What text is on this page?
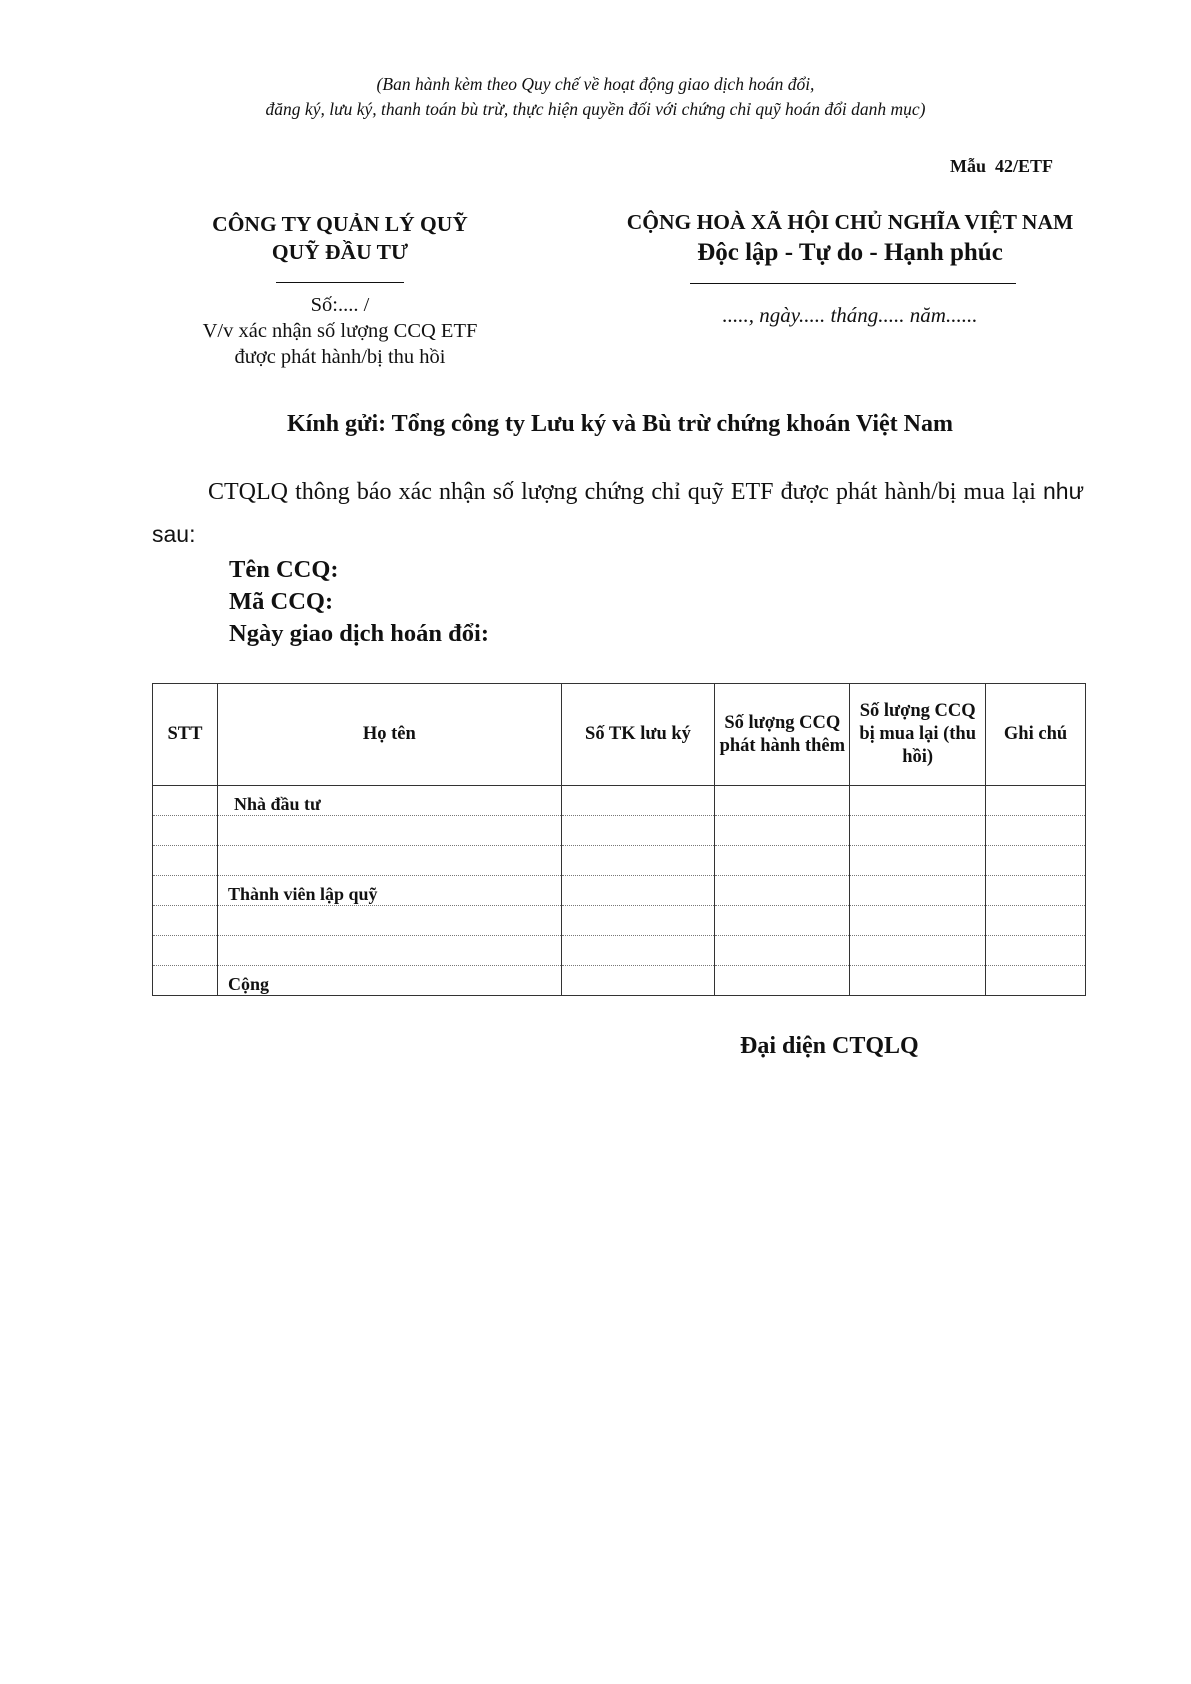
(Ban hành kèm theo Quy chế về hoạt động giao dịch hoán đổi,
đăng ký, lưu ký, thanh toán bù trừ, thực hiện quyền đối với chứng chỉ quỹ hoán đổi danh mục)
Mẫu  42/ETF
CÔNG TY QUẢN LÝ QUỸ
QUỸ ĐẦU TƯ
Số:.... /
V/v xác nhận số lượng CCQ ETF
được phát hành/bị thu hồi
CỘNG HOÀ XÃ HỘI CHỦ NGHĨA VIỆT NAM
Độc lập - Tự do - Hạnh phúc
....., ngày..... tháng..... năm......
Kính gửi: Tổng công ty Lưu ký và Bù trừ chứng khoán Việt Nam
CTQLQ thông báo xác nhận số lượng chứng chỉ quỹ ETF được phát hành/bị mua lại như sau:
Tên CCQ:
Mã CCQ:
Ngày giao dịch hoán đổi:
STT	Họ tên	Số TK lưu ký	Số lượng CCQ phát hành thêm	Số lượng CCQ bị mua lại (thu hồi)	Ghi chú
	Nhà đầu tư				

	Thành viên lập quỹ				

	Cộng				
Đại diện CTQLQ
